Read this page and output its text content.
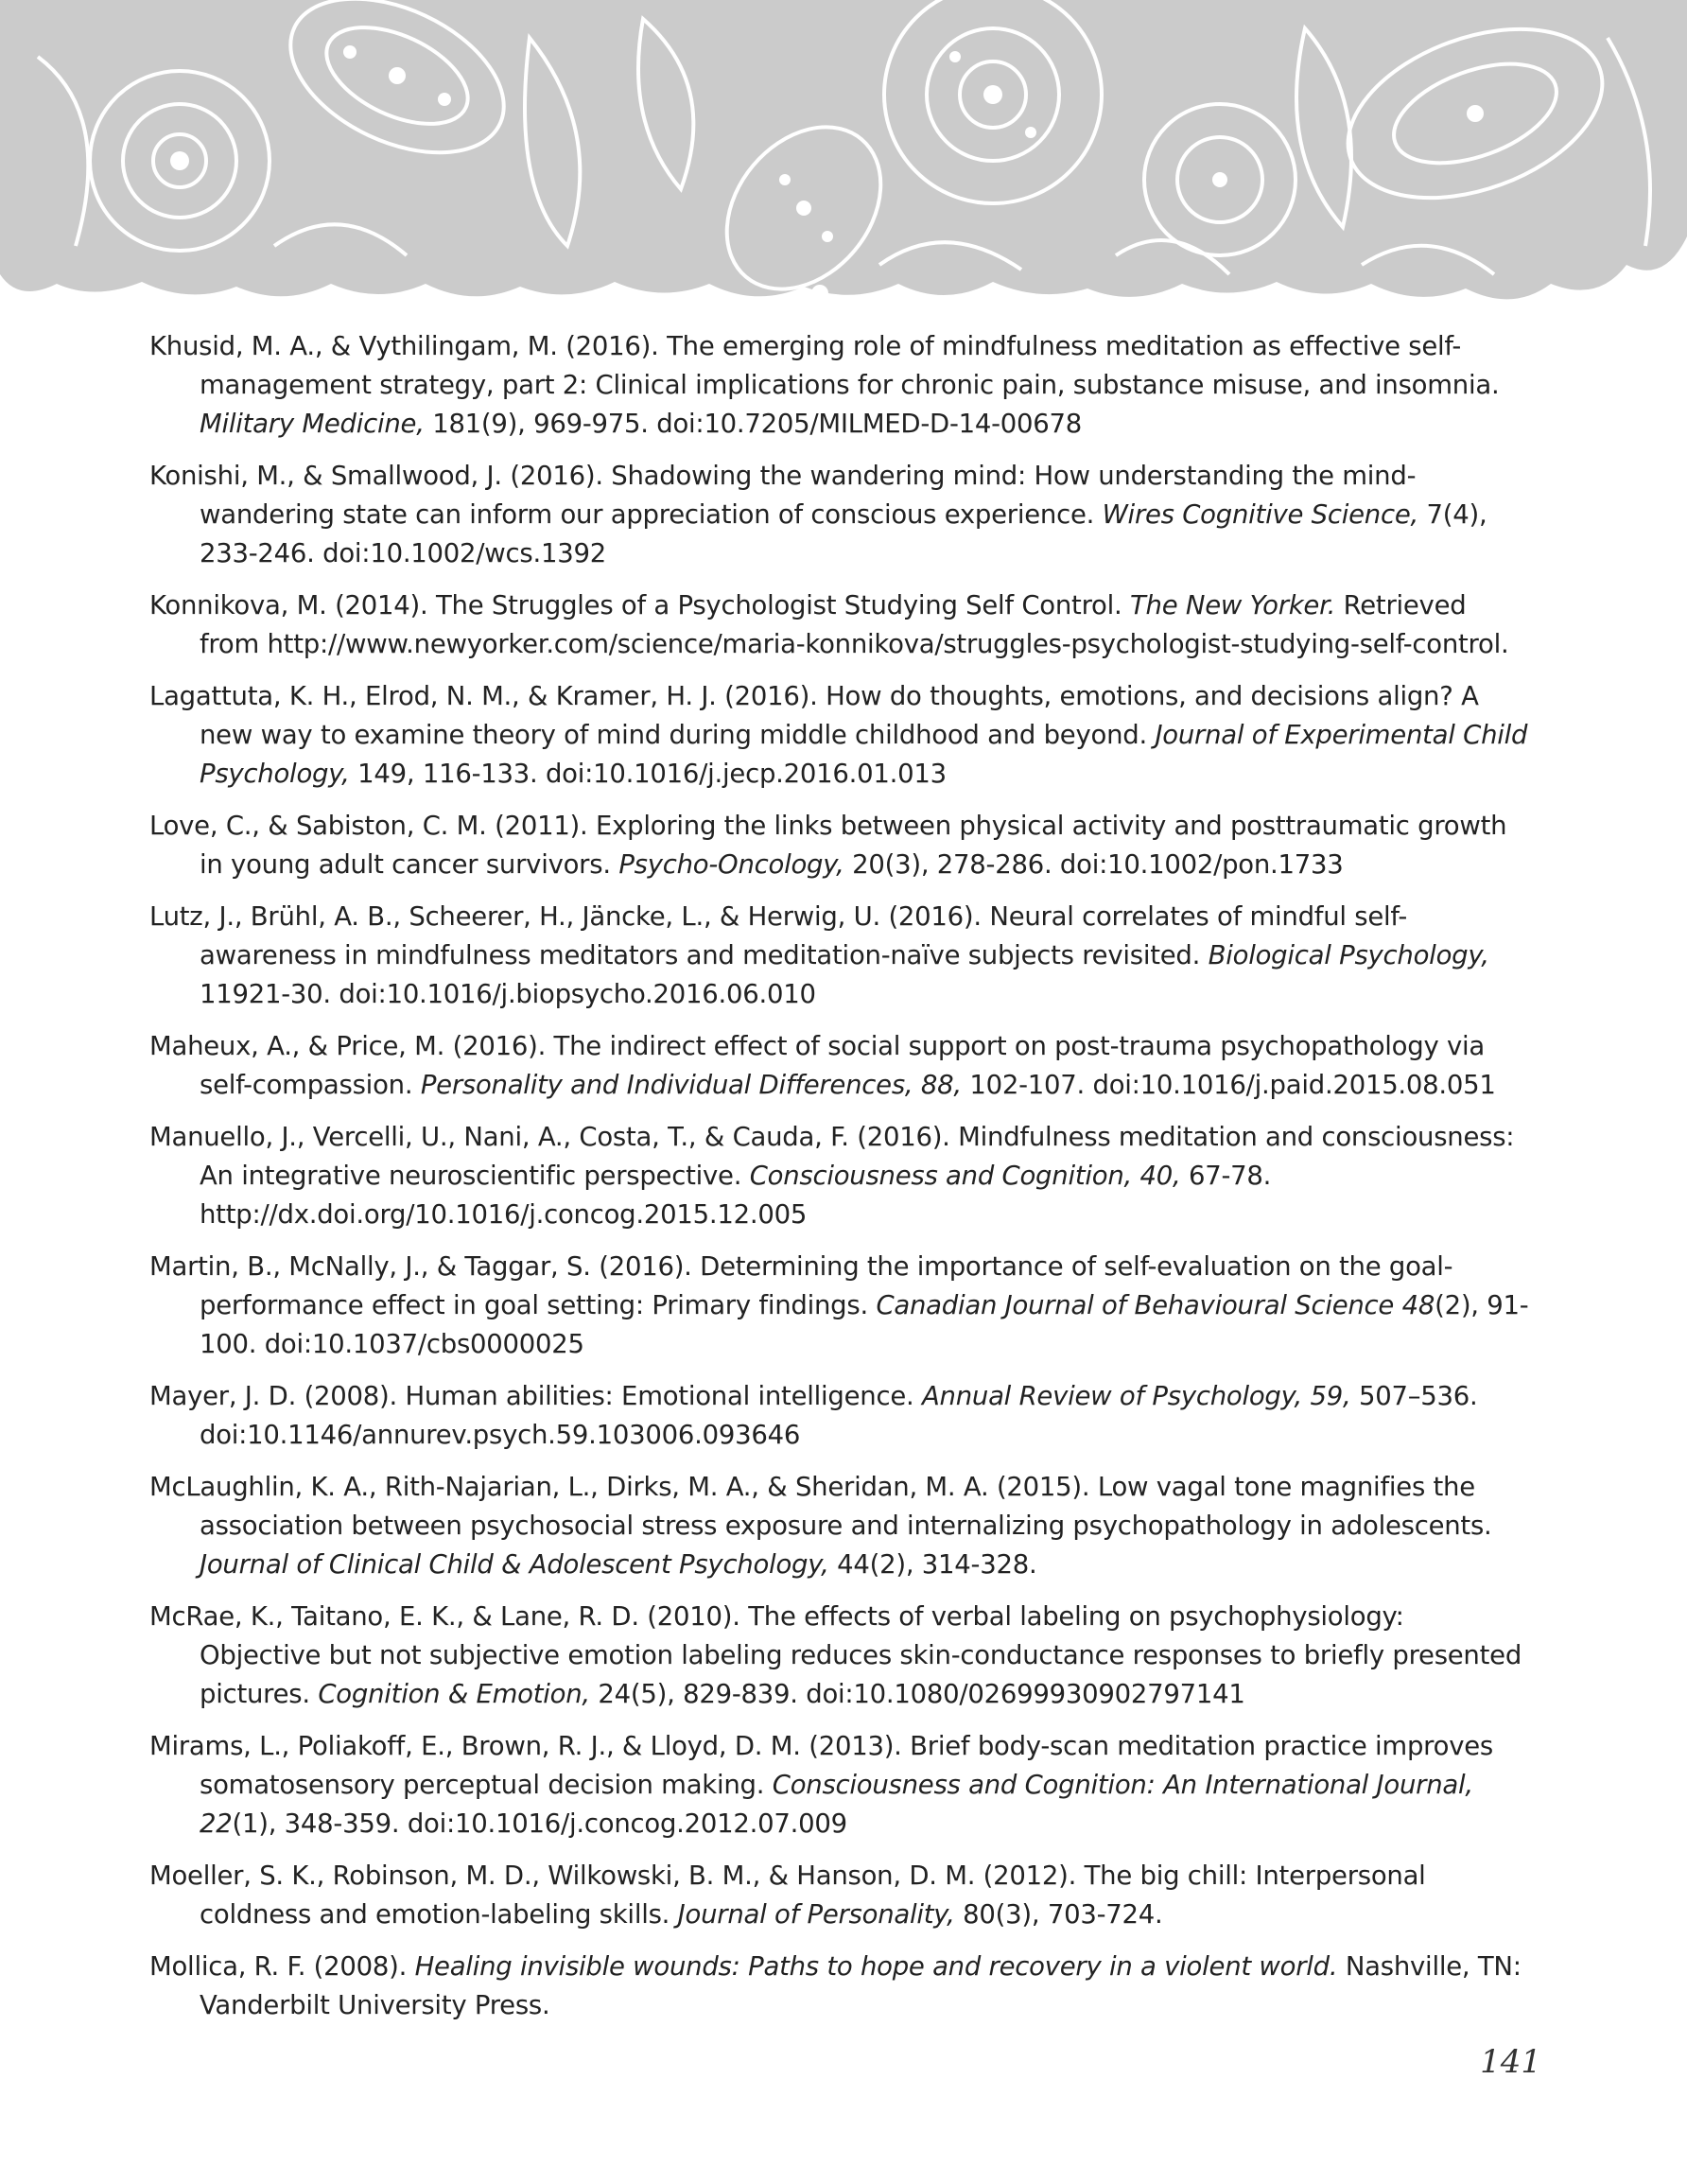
Khusid, M. A., & Vythilingam, M. (2016). The emerging role of mindfulness meditation as effective self-management strategy, part 2: Clinical implications for chronic pain, substance misuse, and insomnia. Military Medicine, 181(9), 969-975. doi:10.7205/MILMED-D-14-00678
Konishi, M., & Smallwood, J. (2016). Shadowing the wandering mind: How understanding the mind-wandering state can inform our appreciation of conscious experience. Wires Cognitive Science, 7(4), 233-246. doi:10.1002/wcs.1392
Konnikova, M. (2014). The Struggles of a Psychologist Studying Self Control. The New Yorker. Retrieved from http://www.newyorker.com/science/maria-konnikova/struggles-psychologist-studying-self-control.
Lagattuta, K. H., Elrod, N. M., & Kramer, H. J. (2016). How do thoughts, emotions, and decisions align? A new way to examine theory of mind during middle childhood and beyond. Journal of Experimental Child Psychology, 149, 116-133. doi:10.1016/j.jecp.2016.01.013
Love, C., & Sabiston, C. M. (2011). Exploring the links between physical activity and posttraumatic growth in young adult cancer survivors. Psycho-Oncology, 20(3), 278-286. doi:10.1002/pon.1733
Lutz, J., Brühl, A. B., Scheerer, H., Jäncke, L., & Herwig, U. (2016). Neural correlates of mindful self-awareness in mindfulness meditators and meditation-naïve subjects revisited. Biological Psychology, 11921-30. doi:10.1016/j.biopsycho.2016.06.010
Maheux, A., & Price, M. (2016). The indirect effect of social support on post-trauma psychopathology via self-compassion. Personality and Individual Differences, 88, 102-107. doi:10.1016/j.paid.2015.08.051
Manuello, J., Vercelli, U., Nani, A., Costa, T., & Cauda, F. (2016). Mindfulness meditation and consciousness: An integrative neuroscientific perspective. Consciousness and Cognition, 40, 67-78. http://dx.doi.org/10.1016/j.concog.2015.12.005
Martin, B., McNally, J., & Taggar, S. (2016). Determining the importance of self-evaluation on the goal-performance effect in goal setting: Primary findings. Canadian Journal of Behavioural Science 48(2), 91-100. doi:10.1037/cbs0000025
Mayer, J. D. (2008). Human abilities: Emotional intelligence. Annual Review of Psychology, 59, 507–536. doi:10.1146/annurev.psych.59.103006.093646
McLaughlin, K. A., Rith-Najarian, L., Dirks, M. A., & Sheridan, M. A. (2015). Low vagal tone magnifies the association between psychosocial stress exposure and internalizing psychopathology in adolescents. Journal of Clinical Child & Adolescent Psychology, 44(2), 314-328.
McRae, K., Taitano, E. K., & Lane, R. D. (2010). The effects of verbal labeling on psychophysiology: Objective but not subjective emotion labeling reduces skin-conductance responses to briefly presented pictures. Cognition & Emotion, 24(5), 829-839. doi:10.1080/02699930902797141
Mirams, L., Poliakoff, E., Brown, R. J., & Lloyd, D. M. (2013). Brief body-scan meditation practice improves somatosensory perceptual decision making. Consciousness and Cognition: An International Journal, 22(1), 348-359. doi:10.1016/j.concog.2012.07.009
Moeller, S. K., Robinson, M. D., Wilkowski, B. M., & Hanson, D. M. (2012). The big chill: Interpersonal coldness and emotion-labeling skills. Journal of Personality, 80(3), 703-724.
Mollica, R. F. (2008). Healing invisible wounds: Paths to hope and recovery in a violent world. Nashville, TN: Vanderbilt University Press.
141
